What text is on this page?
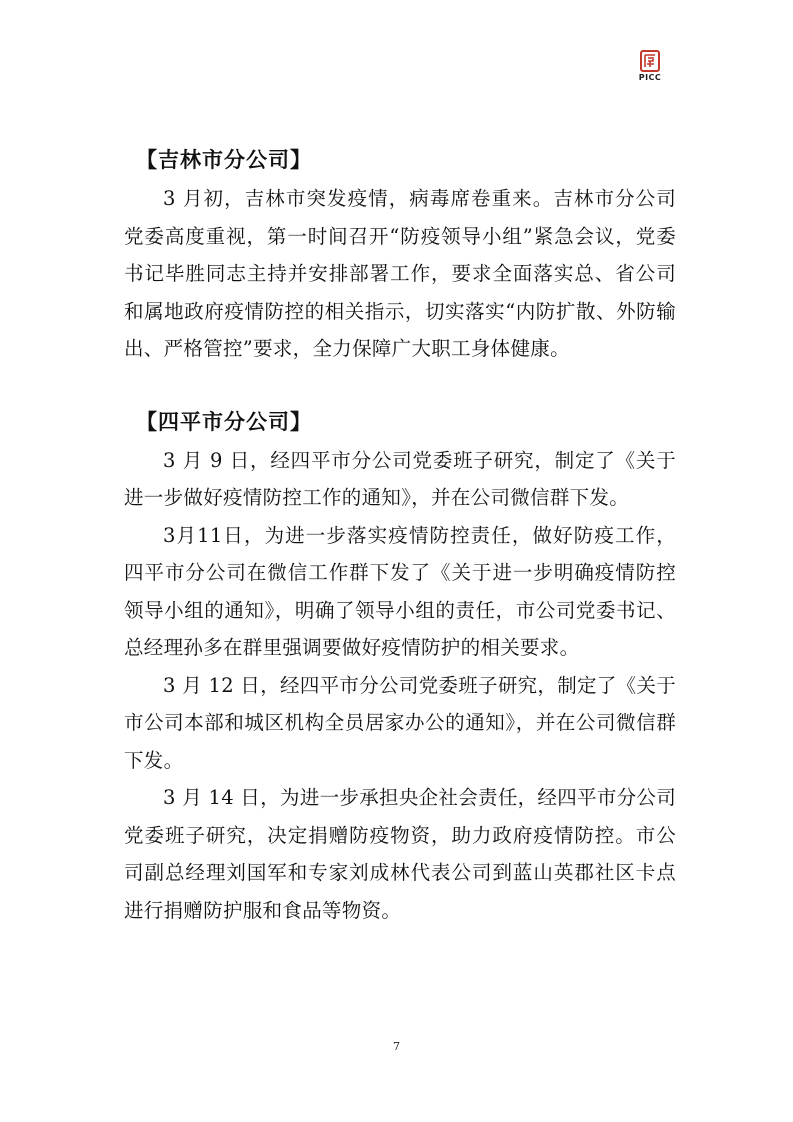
PICC
【吉林市分公司】

3 月初，吉林市突发疫情，病毒席卷重来。吉林市分公司党委高度重视，第一时间召开“防疫领导小组”紧急会议，党委书记毕胜同志主持并安排部署工作，要求全面落实总、省公司和属地政府疫情防控的相关指示，切实落实“内防扩散、外防输出、严格管控”要求，全力保障广大职工身体健康。

【四平市分公司】

3 月 9 日，经四平市分公司党委班子研究，制定了《关于进一步做好疫情防控工作的通知》，并在公司微信群下发。

3月11日，为进一步落实疫情防控责任，做好防疫工作，四平市分公司在微信工作群下发了《关于进一步明确疫情防控领导小组的通知》，明确了领导小组的责任，市公司党委书记、总经理孙多在群里强调要做好疫情防护的相关要求。

3 月 12 日，经四平市分公司党委班子研究，制定了《关于市公司本部和城区机构全员居家办公的通知》，并在公司微信群下发。

3 月 14 日，为进一步承担央企社会责任，经四平市分公司党委班子研究，决定捐赠防疫物资，助力政府疫情防控。市公司副总经理刘国军和专家刘成林代表公司到蓝山英郡社区卡点进行捐赠防护服和食品等物资。

7
